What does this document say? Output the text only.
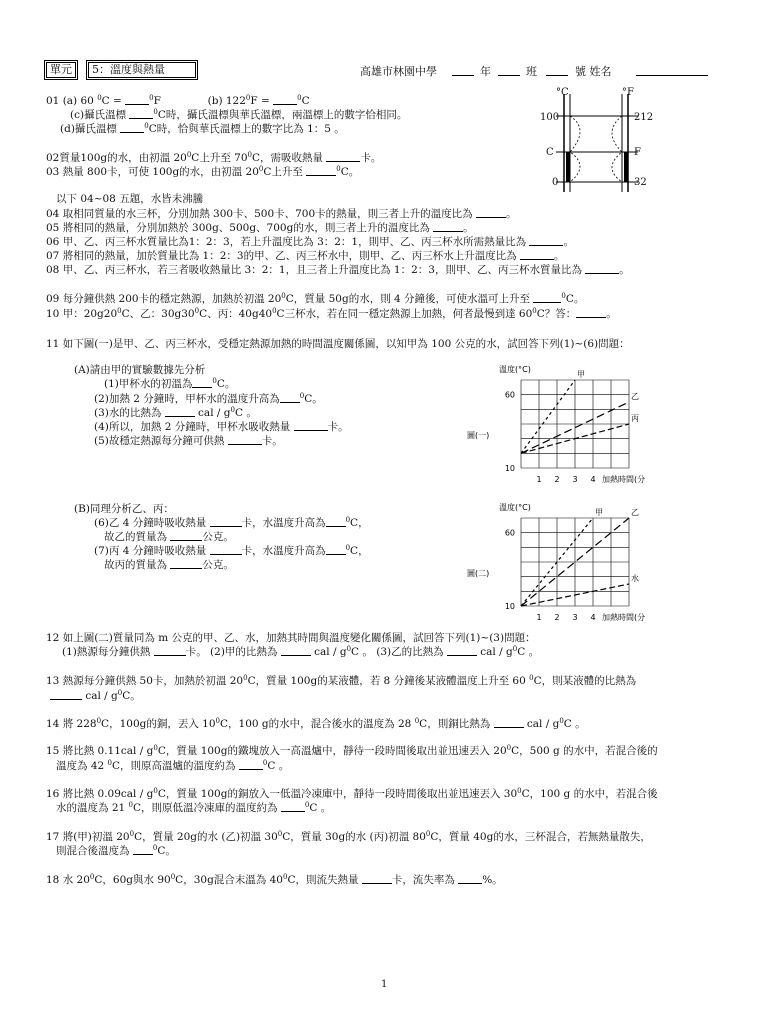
單元	5：溫度與熱量	高雄市林園中學	年	班	號 姓名
°C	°F
100	212
C	F
0	32
01 (a) 60 $^0$C =	$^0$F	(b) $122^0F$ =	$^0$C
(c)攝氏溫標	$^0$C時，攝氏溫標與華氏溫標，兩溫標上的數字恰相同。
(d)攝氏溫標	$^0$C時，恰與華氏溫標上的數字比為 1：5 。
02質量100g的水，由初溫 $20^0C$上升至 $70^0C$，需吸收熱量	卡。
03 熱量 800卡，可使 100g的水，由初溫 $20^0C$上升至	$^0$C。
以下 04~08 五題，水皆未沸騰
04 取相同質量的水三杯，分別加熱 300卡、500卡、700卡的熱量，則三者上升的溫度比為	。
05 將相同的熱量，分別加熱於 300g、500g、700g的水，則三者上升的溫度比為	。
06 甲、乙、丙三杯水質量比為1：2：3，若上升溫度比為 3：2：1，則甲、乙、丙三杯水所需熱量比為	。
07 將相同的熱量，加於質量比為 1：2：3的甲、乙、丙三杯水中，則甲、乙、丙三杯水上升溫度比為	。
08 甲、乙、丙三杯水，若三者吸收熱量比 3：2：1，且三者上升溫度比為 1：2：3，則甲、乙、丙三杯水質量比為	。
09 每分鐘供熱 200卡的穩定熱源，加熱於初溫 $20^0C$，質量 50g的水，則 4 分鐘後，可使水溫可上升至	$^0$C。
10 甲：$20g20^0C$、乙：$30g30^0C$、丙：$40g40^0C$三杯水，若在同一穩定熱源上加熱，何者最慢到達 $60^0C$？答：	。
11 如下圖(一)是甲、乙、丙三杯水，受穩定熱源加熱的時間溫度關係圖，以知甲為 100 公克的水，試回答下列(1)~(6)問題：
(A)請由甲的實驗數據先分析
(1)甲杯水的初溫為	$^0$C。
(2)加熱 2 分鐘時，甲杯水的溫度升高為	$^0$C。
(3)水的比熱為	cal / $g^0C$ 。
(4)所以，加熱 2 分鐘時，甲杯水吸收熱量	卡。
(5)故穩定熱源每分鐘可供熱	卡。
(B)同理分析乙、丙：
(6)乙 4 分鐘時吸收熱量	卡，水溫度升高為	$^0$C，
故乙的質量為	公克。
(7)丙 4 分鐘時吸收熱量	卡，水溫度升高為	$^0$C，
故丙的質量為	公克。
60
10
1 2 3 4 加熱時間(分
溫度(°C)
圖(一)
甲
乙
丙
60
10
1 2 3 4 加熱時間(分
溫度(°C)
圖(二)
甲	乙
水
12 如上圖(二)質量同為 m 公克的甲、乙、水，加熱其時間與溫度變化關係圖，試回答下列(1)~(3)問題：
(1)熱源每分鐘供熱	卡。 (2)甲的比熱為	cal / $g^0C$ 。 (3)乙的比熱為	cal / $g^0C$ 。
13 熱源每分鐘供熱 50卡，加熱於初溫 $20^0C$，質量 100g的某液體，若 8 分鐘後某液體溫度上升至 60 $^0$C，則某液體的比熱為
cal / $g^0C$。
14 將 $228^0C$，100g的銅，丟入 $10^0C$，100 g的水中，混合後水的溫度為 28 $^0$C，則銅比熱為	cal / $g^0C$ 。
15 將比熱 $0.11cal / g^0C$，質量 100g的鐵塊放入一高溫爐中，靜待一段時間後取出並迅速丟入 $20^0C$，500 g 的水中，若混合後的
溫度為 42 $^0$C，則原高溫爐的溫度約為	$^0$C 。
16 將比熱 $0.09cal / g^0C$，質量 100g的銅放入一低溫冷凍庫中，靜待一段時間後取出並迅速丟入 $30^0C$，100 g 的水中，若混合後
水的溫度為 21 $^0$C，則原低溫冷凍庫的溫度約為	$^0$C 。
17 將(甲)初溫 $20^0C$，質量 20g的水 (乙)初溫 $30^0C$，質量 30g的水 (丙)初溫 $80^0C$，質量 40g的水，三杯混合，若無熱量散失，
則混合後溫度為	$^0$C。
18 水 $20^0C$，60g與水 $90^0C$，30g混合末溫為 $40^0C$，則流失熱量	卡，流失率為 %。
1
